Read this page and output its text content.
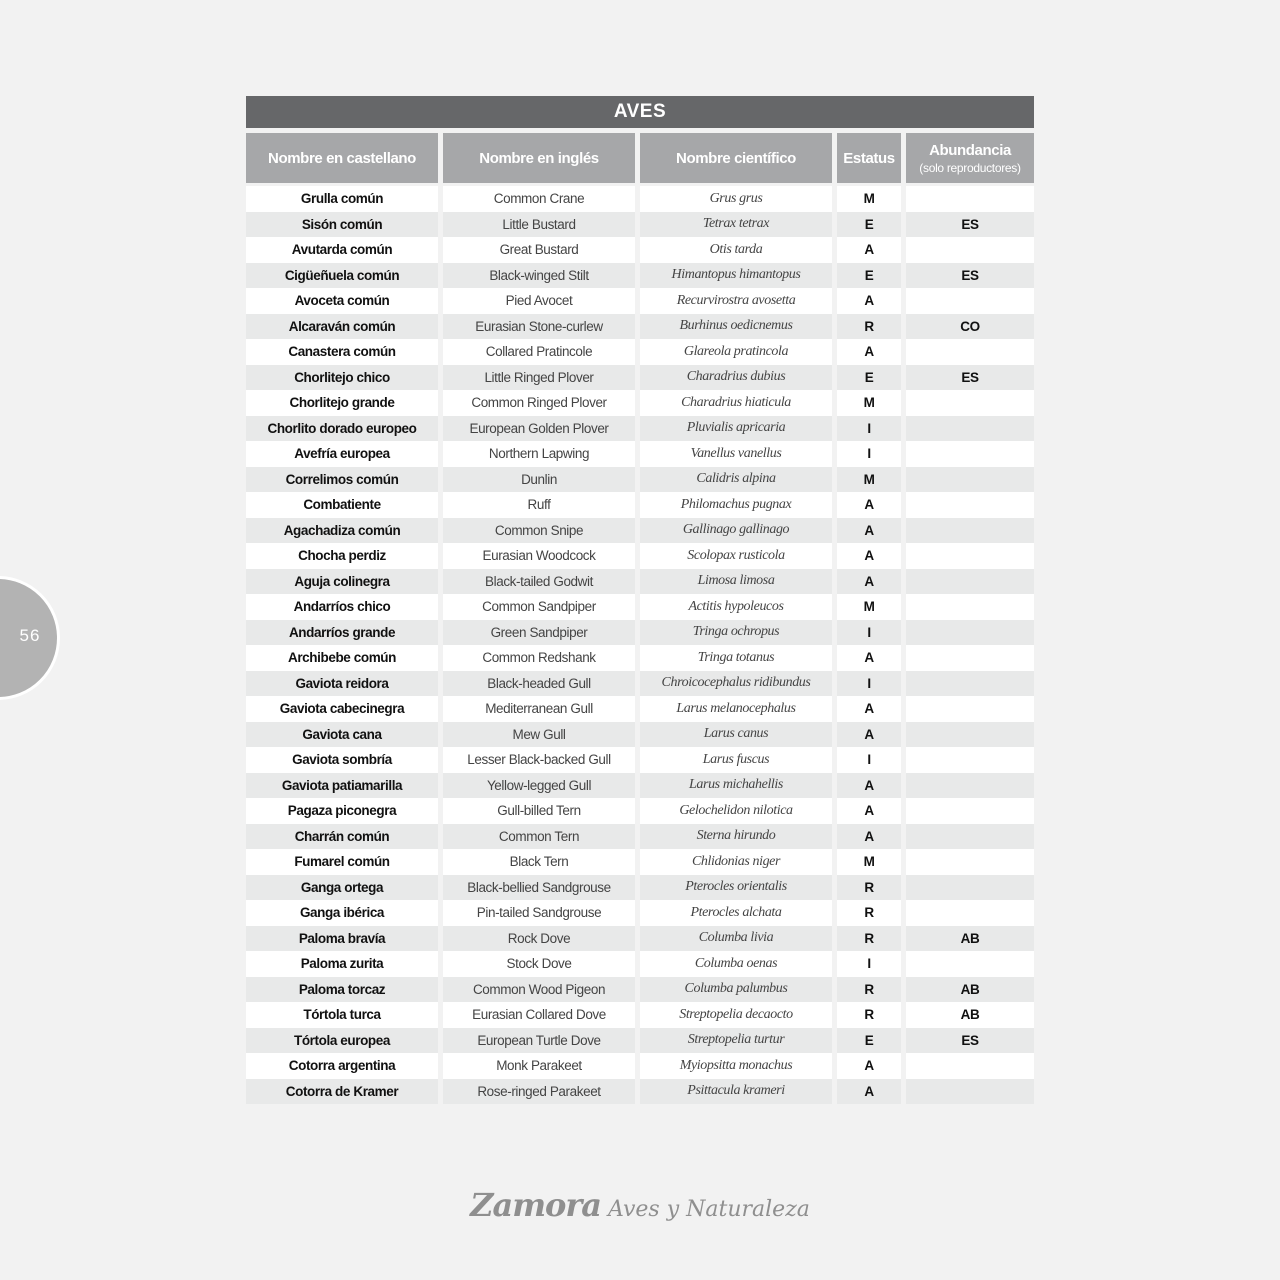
56
AVES
Nombre en castellano	Nombre en inglés	Nombre científico	Estatus	Abundancia
(solo reproductores)
Grulla común	Common Crane	Grus grus	M
Sisón común	Little Bustard	Tetrax tetrax	E	ES
Avutarda común	Great Bustard	Otis tarda	A
Cigüeñuela común	Black-winged Stilt	Himantopus himantopus	E	ES
Avoceta común	Pied Avocet	Recurvirostra avosetta	A
Alcaraván común	Eurasian Stone-curlew	Burhinus oedicnemus	R	CO
Canastera común	Collared Pratincole	Glareola pratincola	A
Chorlitejo chico	Little Ringed Plover	Charadrius dubius	E	ES
Chorlitejo grande	Common Ringed Plover	Charadrius hiaticula	M
Chorlito dorado europeo	European Golden Plover	Pluvialis apricaria	I
Avefría europea	Northern Lapwing	Vanellus vanellus	I
Correlimos común	Dunlin	Calidris alpina	M
Combatiente	Ruff	Philomachus pugnax	A
Agachadiza común	Common Snipe	Gallinago gallinago	A
Chocha perdiz	Eurasian Woodcock	Scolopax rusticola	A
Aguja colinegra	Black-tailed Godwit	Limosa limosa	A
Andarríos chico	Common Sandpiper	Actitis hypoleucos	M
Andarríos grande	Green Sandpiper	Tringa ochropus	I
Archibebe común	Common Redshank	Tringa totanus	A
Gaviota reidora	Black-headed Gull	Chroicocephalus ridibundus	I
Gaviota cabecinegra	Mediterranean Gull	Larus melanocephalus	A
Gaviota cana	Mew Gull	Larus canus	A
Gaviota sombría	Lesser Black-backed Gull	Larus fuscus	I
Gaviota patiamarilla	Yellow-legged Gull	Larus michahellis	A
Pagaza piconegra	Gull-billed Tern	Gelochelidon nilotica	A
Charrán común	Common Tern	Sterna hirundo	A
Fumarel común	Black Tern	Chlidonias niger	M
Ganga ortega	Black-bellied Sandgrouse	Pterocles orientalis	R
Ganga ibérica	Pin-tailed Sandgrouse	Pterocles alchata	R
Paloma bravía	Rock Dove	Columba livia	R	AB
Paloma zurita	Stock Dove	Columba oenas	I
Paloma torcaz	Common Wood Pigeon	Columba palumbus	R	AB
Tórtola turca	Eurasian Collared Dove	Streptopelia decaocto	R	AB
Tórtola europea	European Turtle Dove	Streptopelia turtur	E	ES
Cotorra argentina	Monk Parakeet	Myiopsitta monachus	A
Cotorra de Kramer	Rose-ringed Parakeet	Psittacula krameri	A
Zamora Aves y Naturaleza
